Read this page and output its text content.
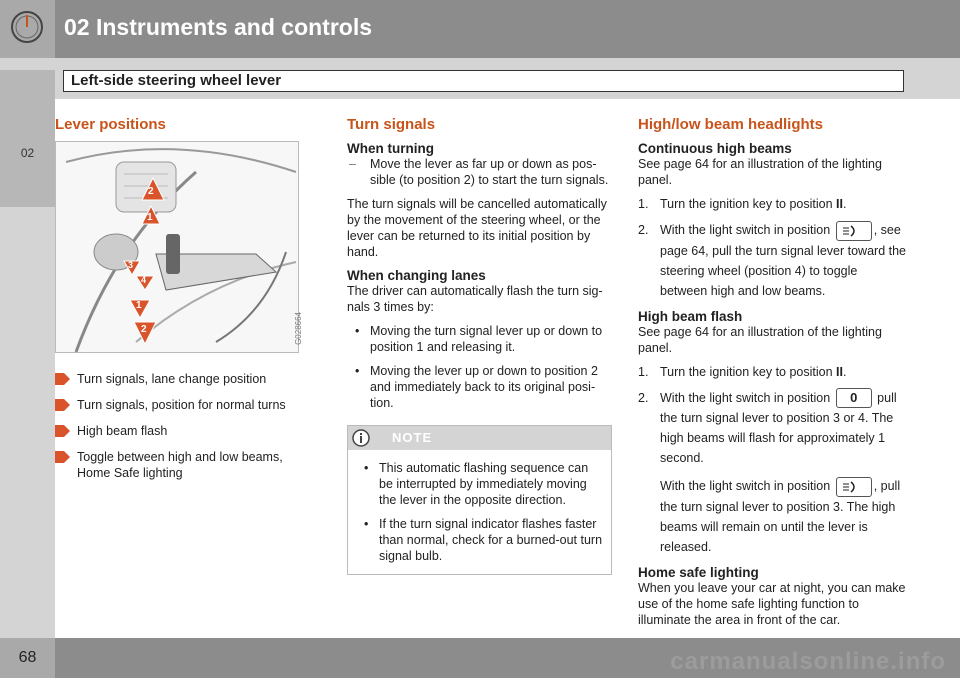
02 Instruments and controls
02
Left-side steering wheel lever
Lever positions
2
1
3
4
1
2	G028664
Turn signals, lane change position
Turn signals, position for normal turns
High beam flash
Toggle between high and low beams, Home Safe lighting
Turn signals
When turning
– Move the lever as far up or down as pos-sible (to position 2) to start the turn signals.

The turn signals will be cancelled automatically by the movement of the steering wheel, or the lever can be returned to its initial position by hand.

When changing lanes

The driver can automatically flash the turn sig-nals 3 times by:

• Moving the turn signal lever up or down to position 1 and releasing it.
• Moving the lever up or down to position 2 and immediately back to its original posi-tion.
NOTE
• This automatic flashing sequence can be interrupted by immediately moving the lever in the opposite direction.
• If the turn signal indicator flashes faster than normal, check for a burned-out turn signal bulb.
High/low beam headlights
Continuous high beams

See page 64 for an illustration of the lighting panel.

1. Turn the ignition key to position II.
2. With the light switch in position	, see page 64, pull the turn signal lever toward the steering wheel (position 4) to toggle between high and low beams.
High beam flash

See page 64 for an illustration of the lighting panel.

1. Turn the ignition key to position II.
2. With the light switch in position 0 pull the turn signal lever to position 3 or 4. The high beams will flash for approximately 1 second.
With the light switch in position	, pull the turn signal lever to position 3. The high beams will remain on until the lever is released.
Home safe lighting

When you leave your car at night, you can make use of the home safe lighting function to illuminate the area in front of the car.

68	carmanualsonline.info
